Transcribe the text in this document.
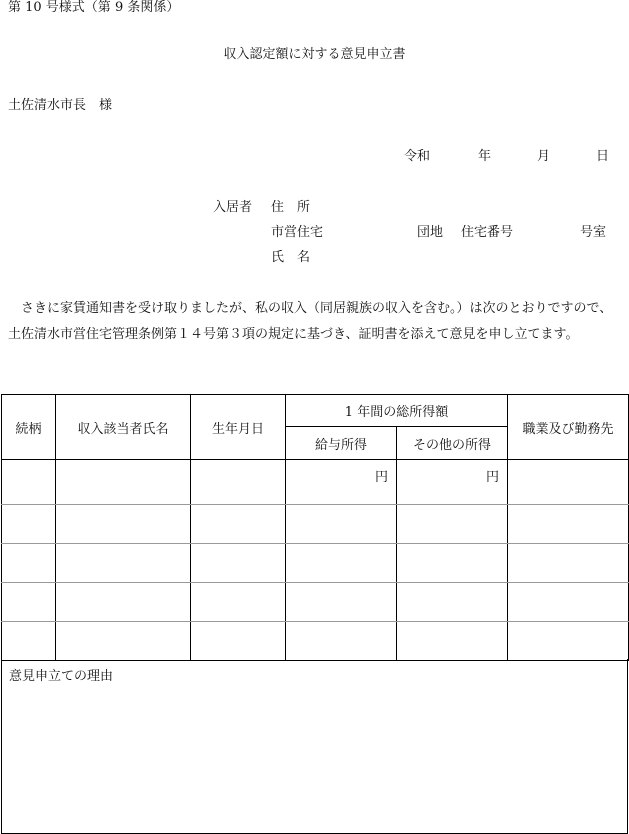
第 10 号様式（第 9 条関係）
収入認定額に対する意見申立書
土佐清水市長　様
令和	年	月	日
入居者 住　所
市営住宅	団地 住宅番号	号室
氏　名
さきに家賃通知書を受け取りましたが、私の収入（同居親族の収入を含む。）は次のとおりですので、土佐清水市営住宅管理条例第１４号第３項の規定に基づき、証明書を添えて意見を申し立てます。
続柄	収入該当者氏名	生年月日	1 年間の総所得額		職業及び勤務先
			給与所得	その他の所得	
			円	円	

意見申立ての理由
